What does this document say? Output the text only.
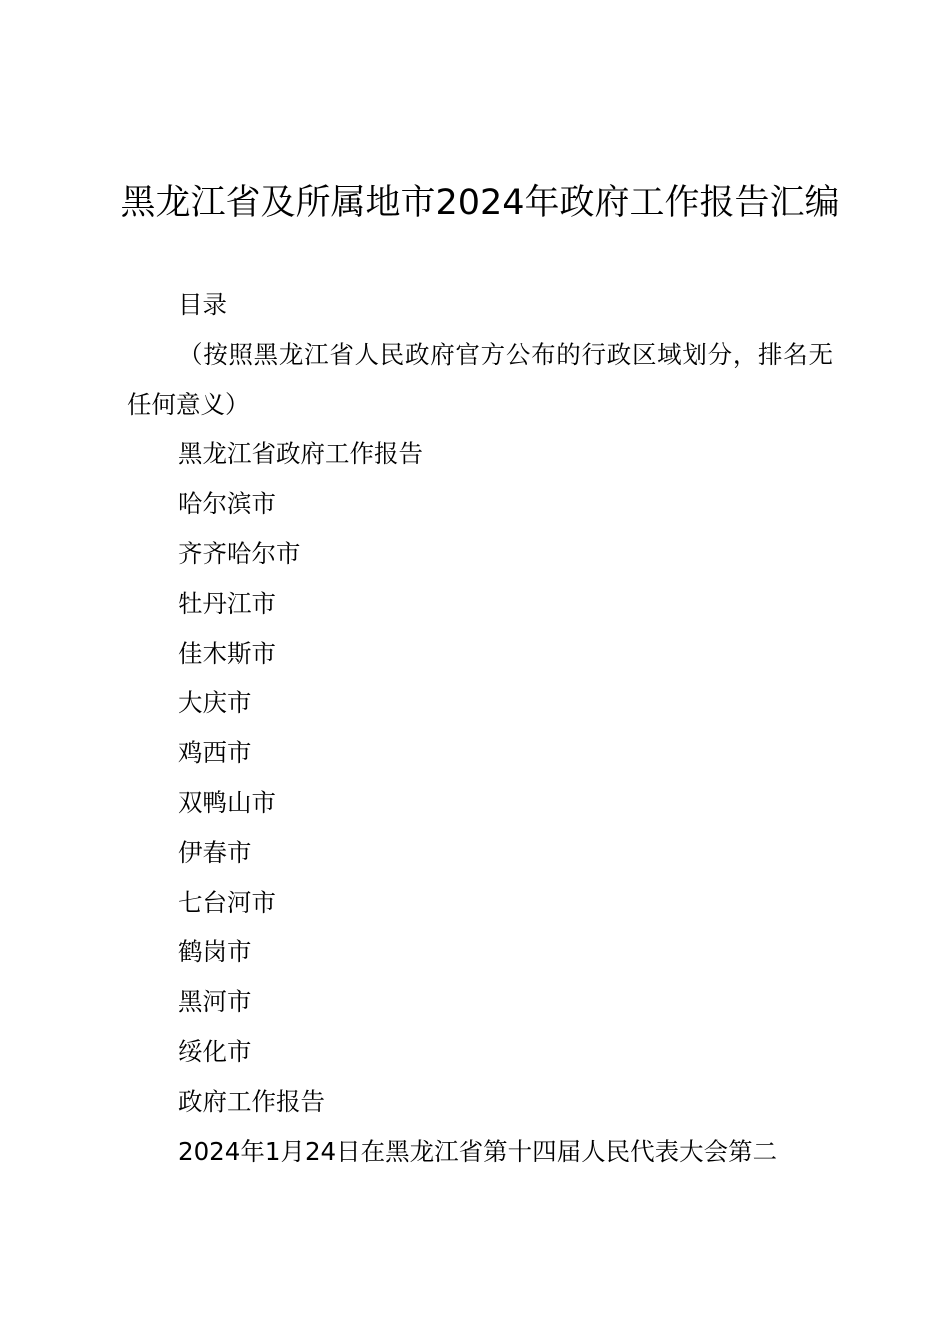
黑龙江省及所属地市2024年政府工作报告汇编

目录

（按照黑龙江省人民政府官方公布的行政区域划分，排名无任何意义）

黑龙江省政府工作报告

哈尔滨市

齐齐哈尔市

牡丹江市

佳木斯市

大庆市

鸡西市

双鸭山市

伊春市

七台河市

鹤岗市

黑河市

绥化市

政府工作报告

2024年1月24日在黑龙江省第十四届人民代表大会第二
